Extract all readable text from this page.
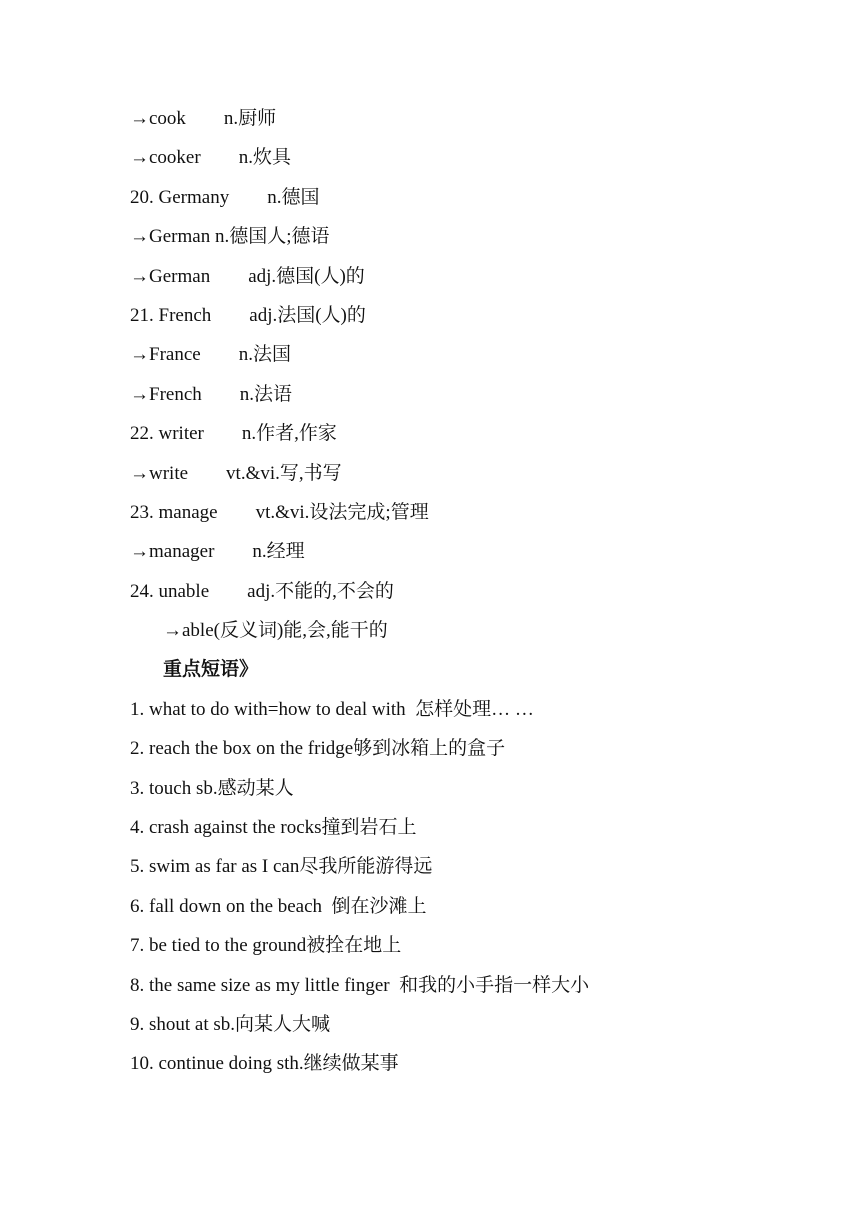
→cook        n.厨师
→cooker        n.炊具
20. Germany        n.德国
→German n.德国人;德语
→German        adj.德国(人)的
21. French        adj.法国(人)的
→France        n.法国
→French        n.法语
22. writer        n.作者,作家
→write        vt.&vi.写,书写
23. manage        vt.&vi.设法完成;管理
→manager        n.经理
24. unable        adj.不能的,不会的
→able(反义词)能,会,能干的
重点短语》
1. what to do with=how to deal with  怎样处理… …
2. reach the box on the fridge够到冰箱上的盒子
3. touch sb.感动某人
4. crash against the rocks撞到岩石上
5. swim as far as I can尽我所能游得远
6. fall down on the beach  倒在沙滩上
7. be tied to the ground被拴在地上
8. the same size as my little finger  和我的小手指一样大小
9. shout at sb.向某人大喊
10. continue doing sth.继续做某事
